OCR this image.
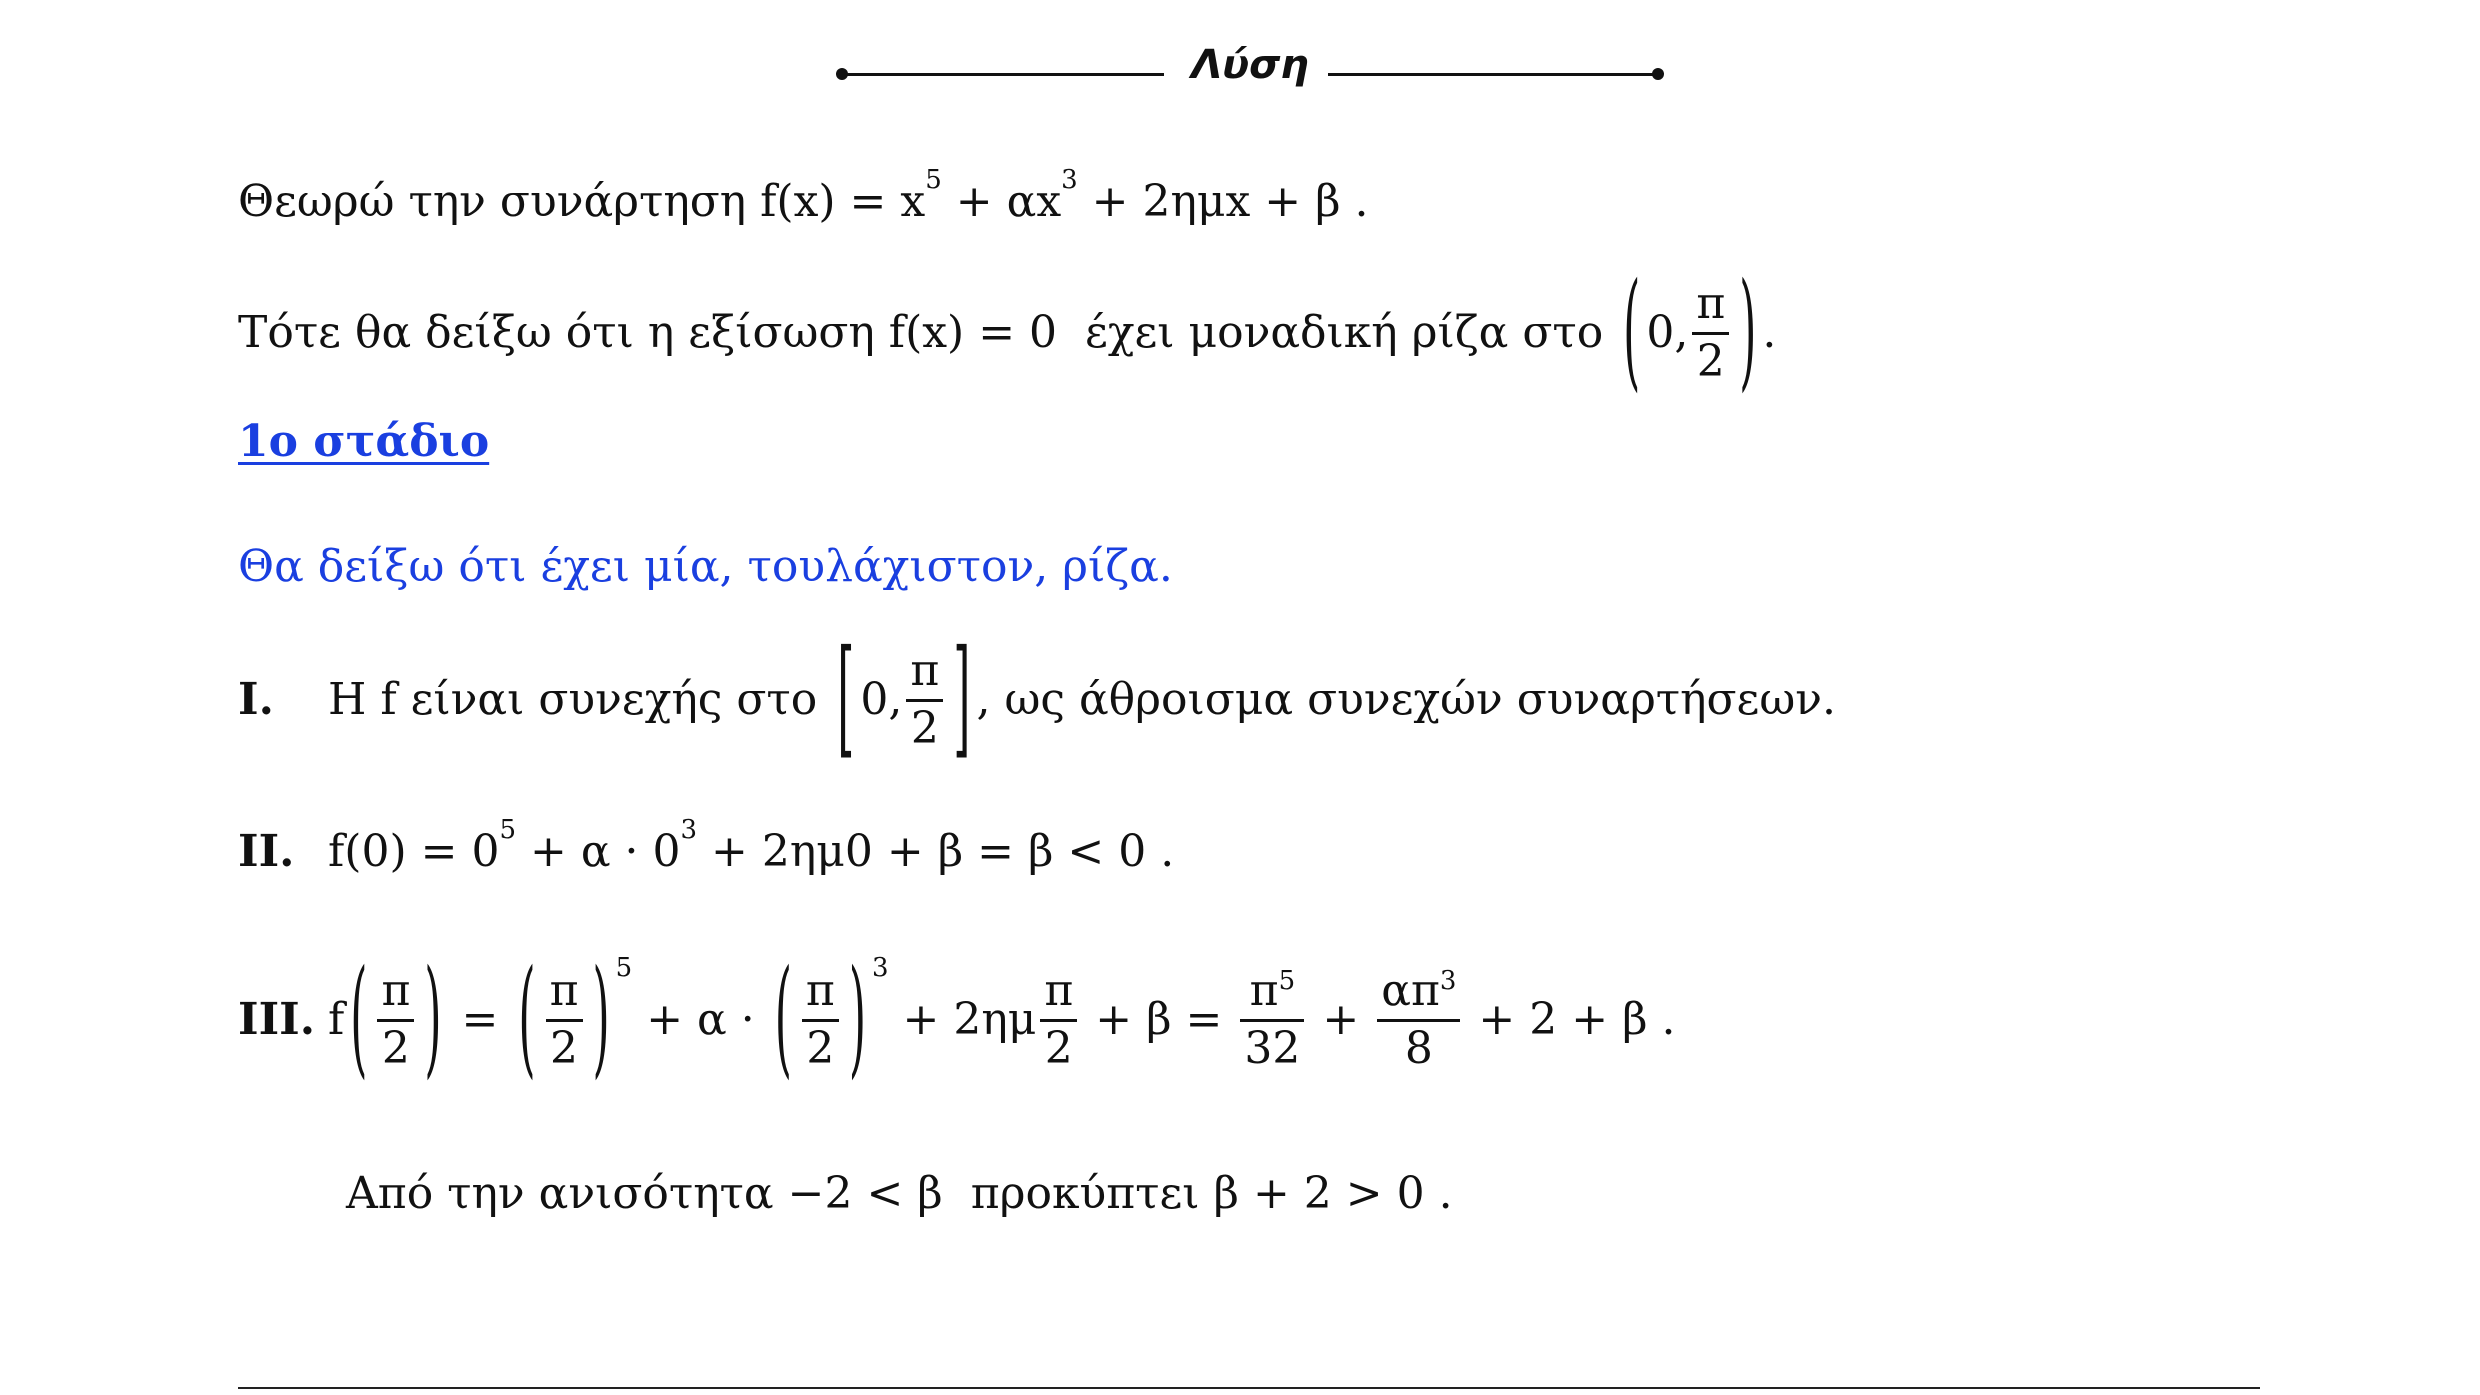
Λύση
Θεωρώ την συνάρτηση f(x) = x 5 + αx 3 + 2ημx + β .
Τότε θα δείξω ότι η εξίσωση f(x) = 0  έχει μοναδική ρίζα στο ( 0, $\frac{\pi}{2}$ ) .
1ο στάδιο
Θα δείξω ότι έχει μία, τουλάχιστον, ρίζα.
I.	Η f είναι συνεχής στο [ 0, $\frac{\pi}{2}$ ] , ως άθροισμα συνεχών συναρτήσεων.
II. f(0) = 0 5 + α · 0 3 + 2ημ0 + β = β < 0 .
III. f ( $\frac{\pi}{2}$ ) = ( $\frac{\pi}{2}$ ) 5
+ α · ( $\frac{\pi}{2}$ ) 3
+ $2\eta\mu \frac{\pi}{2} + \beta = \frac{\pi^5}{32} + \frac{\alpha\pi^3}{8} + 2 + \beta$ .
Από την ανισότητα −2 < β  προκύπτει β + 2 > 0 .
